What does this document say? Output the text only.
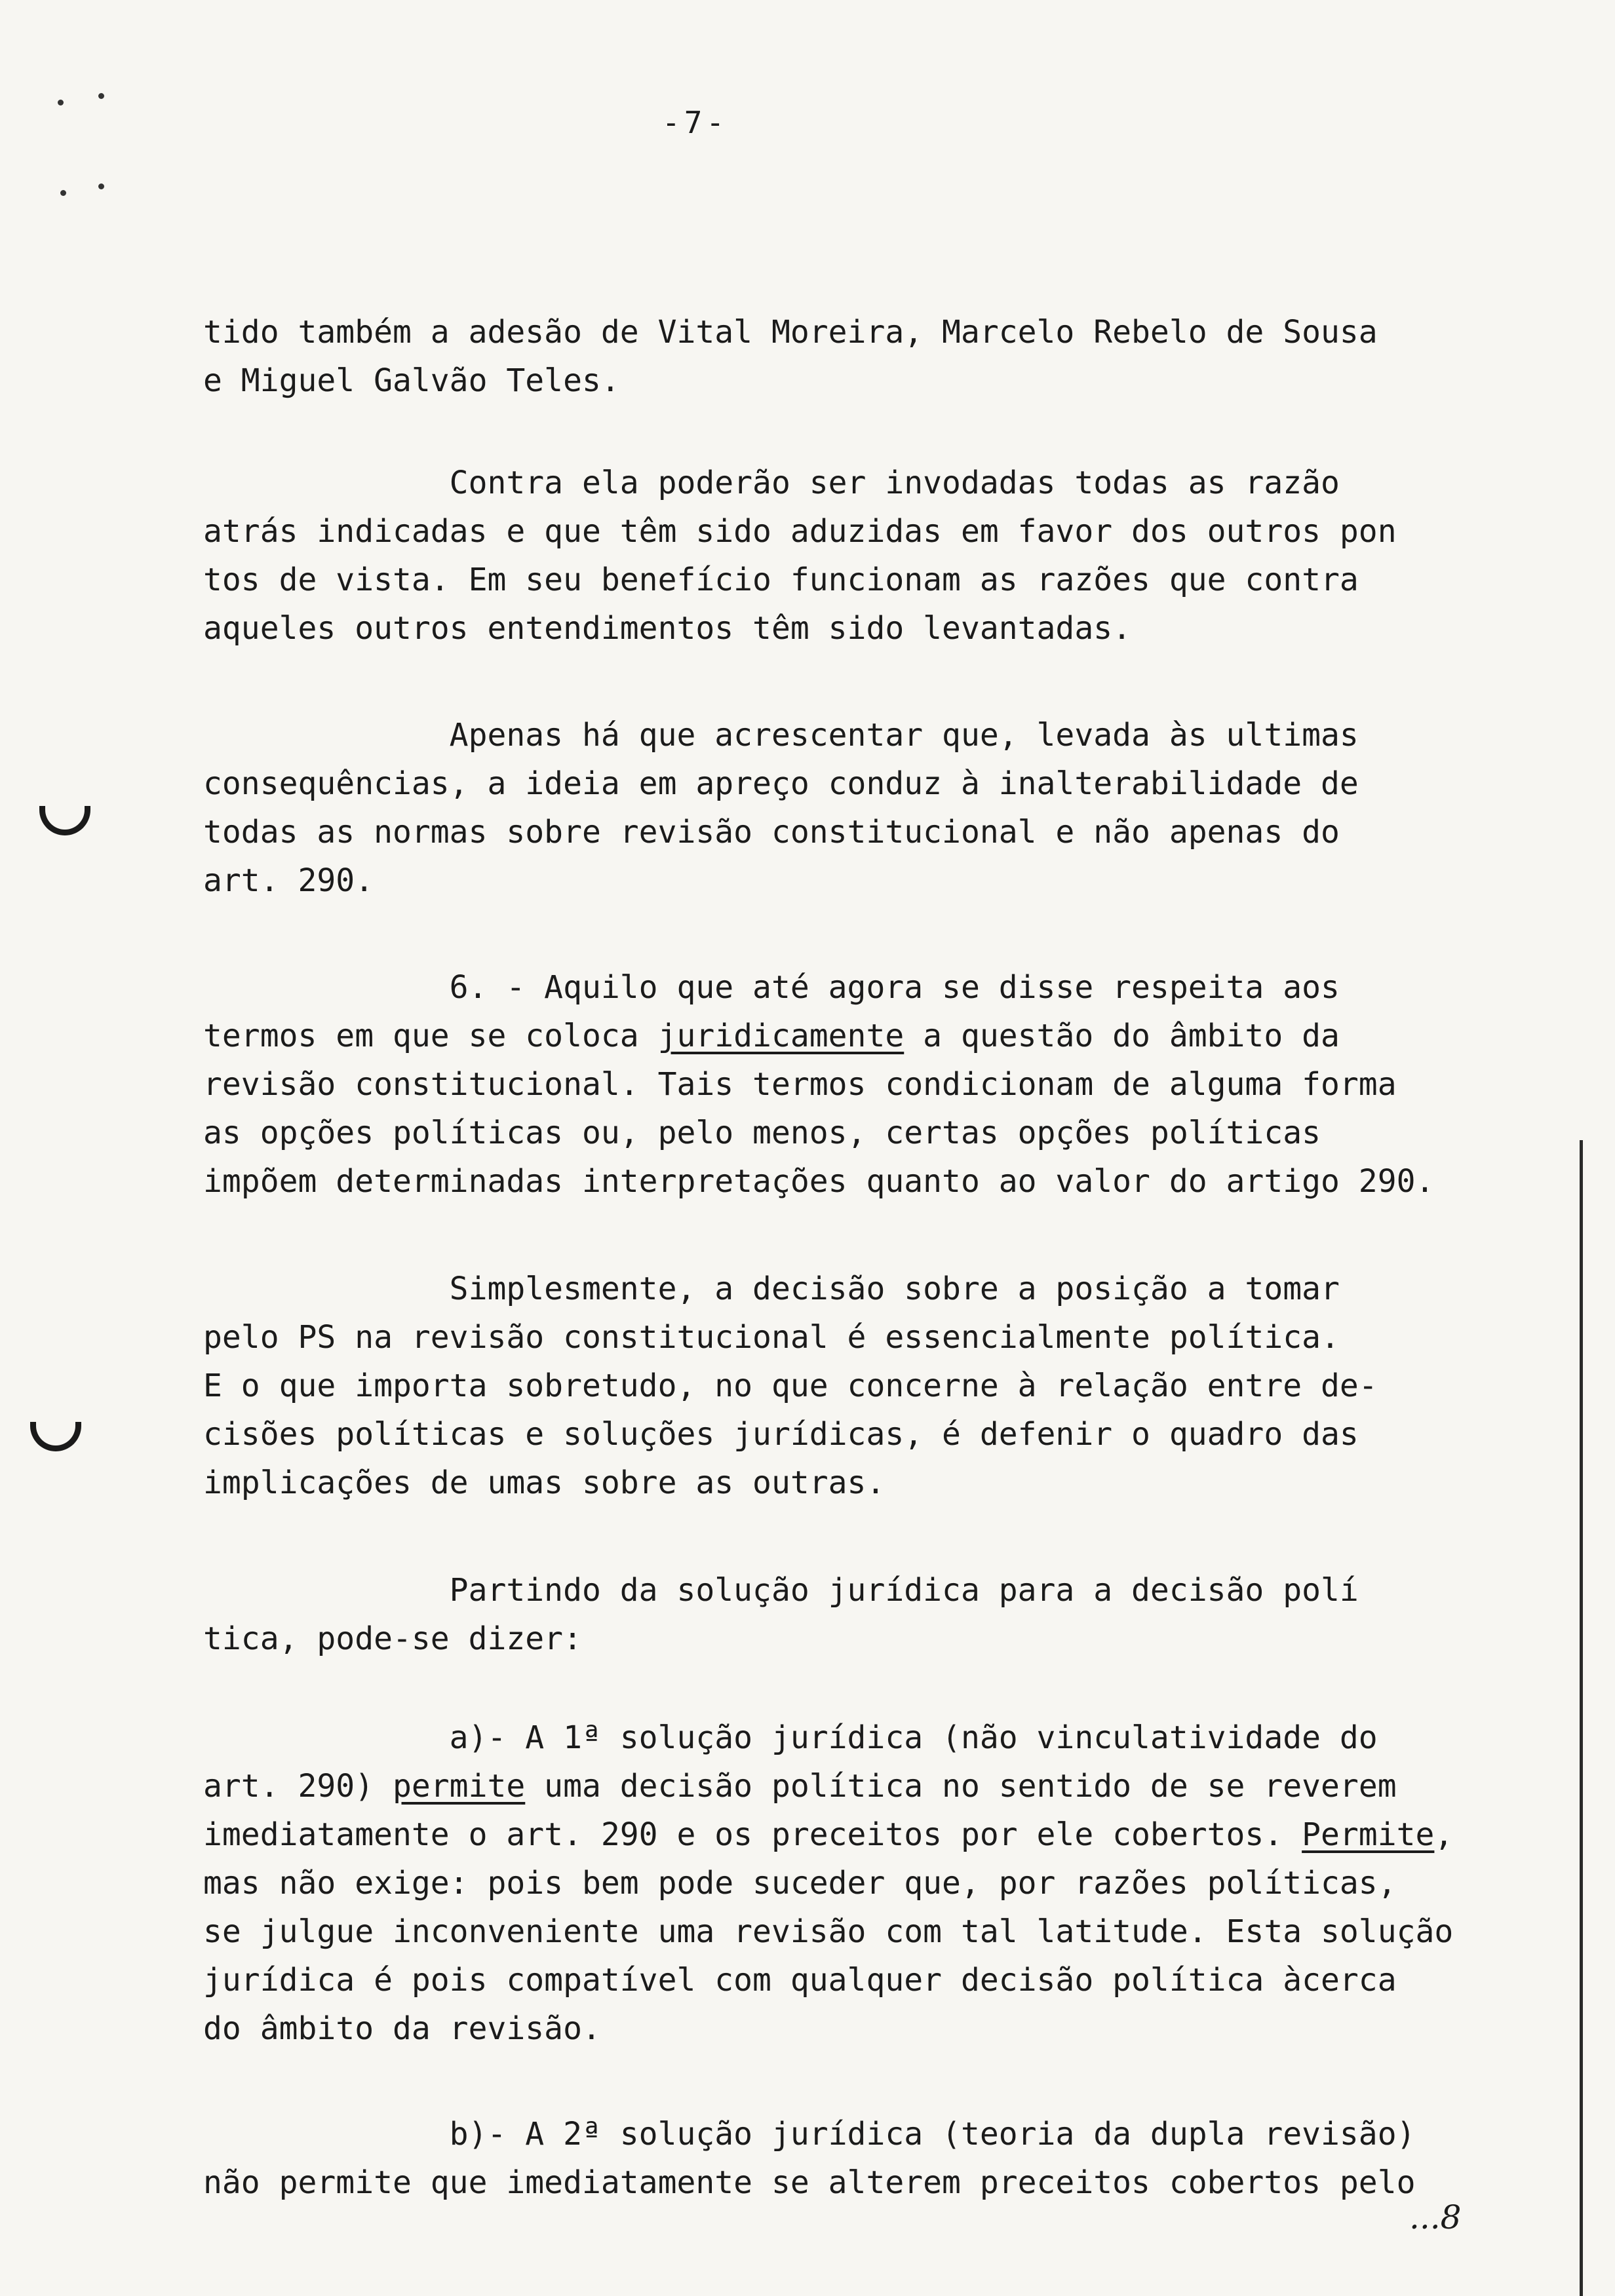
-7-
tido também a adesão de Vital Moreira, Marcelo Rebelo de Sousa
e Miguel Galvão Teles.
Contra ela poderão ser invodadas todas as razão
atrás indicadas e que têm sido aduzidas em favor dos outros pon
tos de vista. Em seu benefício funcionam as razões que contra
aqueles outros entendimentos têm sido levantadas.
Apenas há que acrescentar que, levada às ultimas
consequências, a ideia em apreço conduz à inalterabilidade de
todas as normas sobre revisão constitucional e não apenas do
art. 290.
6. - Aquilo que até agora se disse respeita aos
termos em que se coloca juridicamente a questão do âmbito da
revisão constitucional. Tais termos condicionam de alguma forma
as opções políticas ou, pelo menos, certas opções políticas
impõem determinadas interpretações quanto ao valor do artigo 290.
Simplesmente, a decisão sobre a posição a tomar
pelo PS na revisão constitucional é essencialmente política.
E o que importa sobretudo, no que concerne à relação entre de-
cisões políticas e soluções jurídicas, é defenir o quadro das
implicações de umas sobre as outras.
Partindo da solução jurídica para a decisão polí
tica, pode-se dizer:
a)- A 1ª solução jurídica (não vinculatividade do
art. 290) permite uma decisão política no sentido de se reverem
imediatamente o art. 290 e os preceitos por ele cobertos. Permite,
mas não exige: pois bem pode suceder que, por razões políticas,
se julgue inconveniente uma revisão com tal latitude. Esta solução
jurídica é pois compatível com qualquer decisão política àcerca
do âmbito da revisão.
b)- A 2ª solução jurídica (teoria da dupla revisão)
não permite que imediatamente se alterem preceitos cobertos pelo
...8
